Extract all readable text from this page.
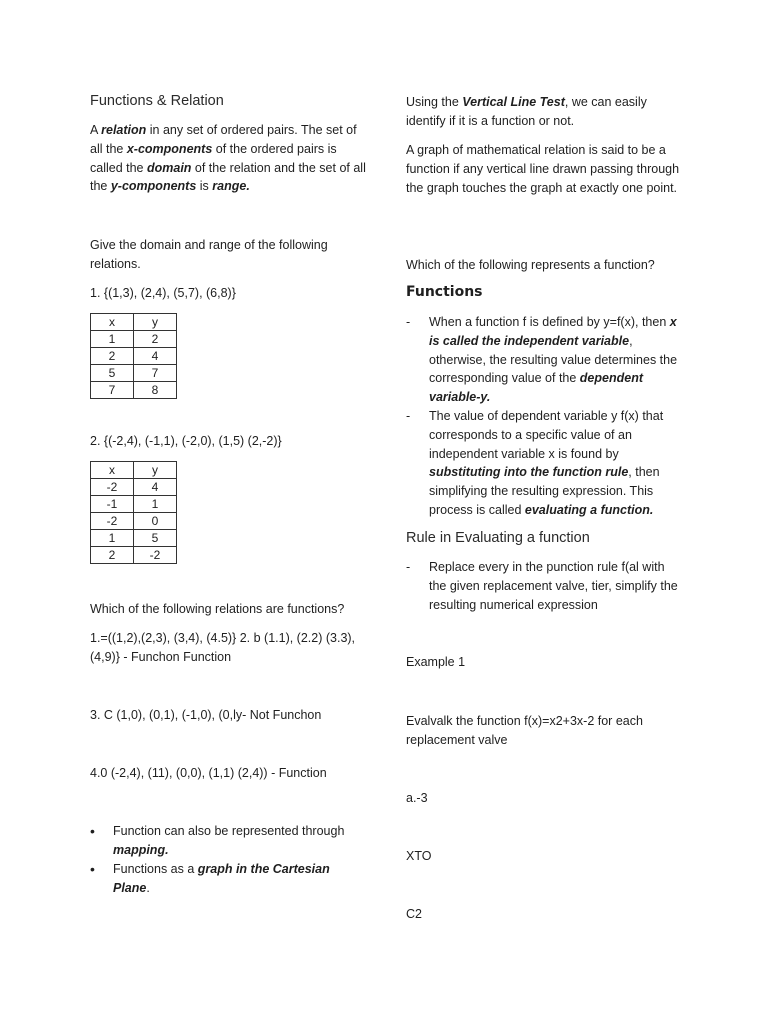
Functions & Relation

A relation in any set of ordered pairs. The set of all the x-components of the ordered pairs is called the domain of the relation and the set of all the y-components is range.

Give the domain and range of the following relations.

1. {(1,3), (2,4), (5,7), (6,8)}

x	y
1	2
2	4
5	7
7	8

2. {(-2,4), (-1,1), (-2,0), (1,5) (2,-2)}

x	y
-2	4
-1	1
-2	0
1	5
2	-2

Which of the following relations are functions?

1.=((1,2),(2,3), (3,4), (4.5)} 2. b (1.1), (2.2) (3.3), (4,9)} - Funchon Function

3. C (1,0), (0,1), (-1,0), (0,ly- Not Funchon

4.0 (-2,4), (11), (0,0), (1,1) (2,4)) - Function

•	Function can also be represented through mapping.
•	Functions as a graph in the Cartesian Plane.

Using the Vertical Line Test, we can easily identify if it is a function or not.

A graph of mathematical relation is said to be a function if any vertical line drawn passing through the graph touches the graph at exactly one point.

Which of the following represents a function?

Functions
-	When a function f is defined by y=f(x), then x is called the independent variable, otherwise, the resulting value determines the corresponding value of the dependent variable-y.
-	The value of dependent variable y f(x) that corresponds to a specific value of an independent variable x is found by substituting into the function rule, then simplifying the resulting expression. This process is called evaluating a function.
Rule in Evaluating a function
-	Replace every in the punction rule f(al with the given replacement valve, tier, simplify the resulting numerical expression

Example 1

Evalvalk the function f(x)=x2+3x-2 for each replacement valve

a.-3

XTO

C2
